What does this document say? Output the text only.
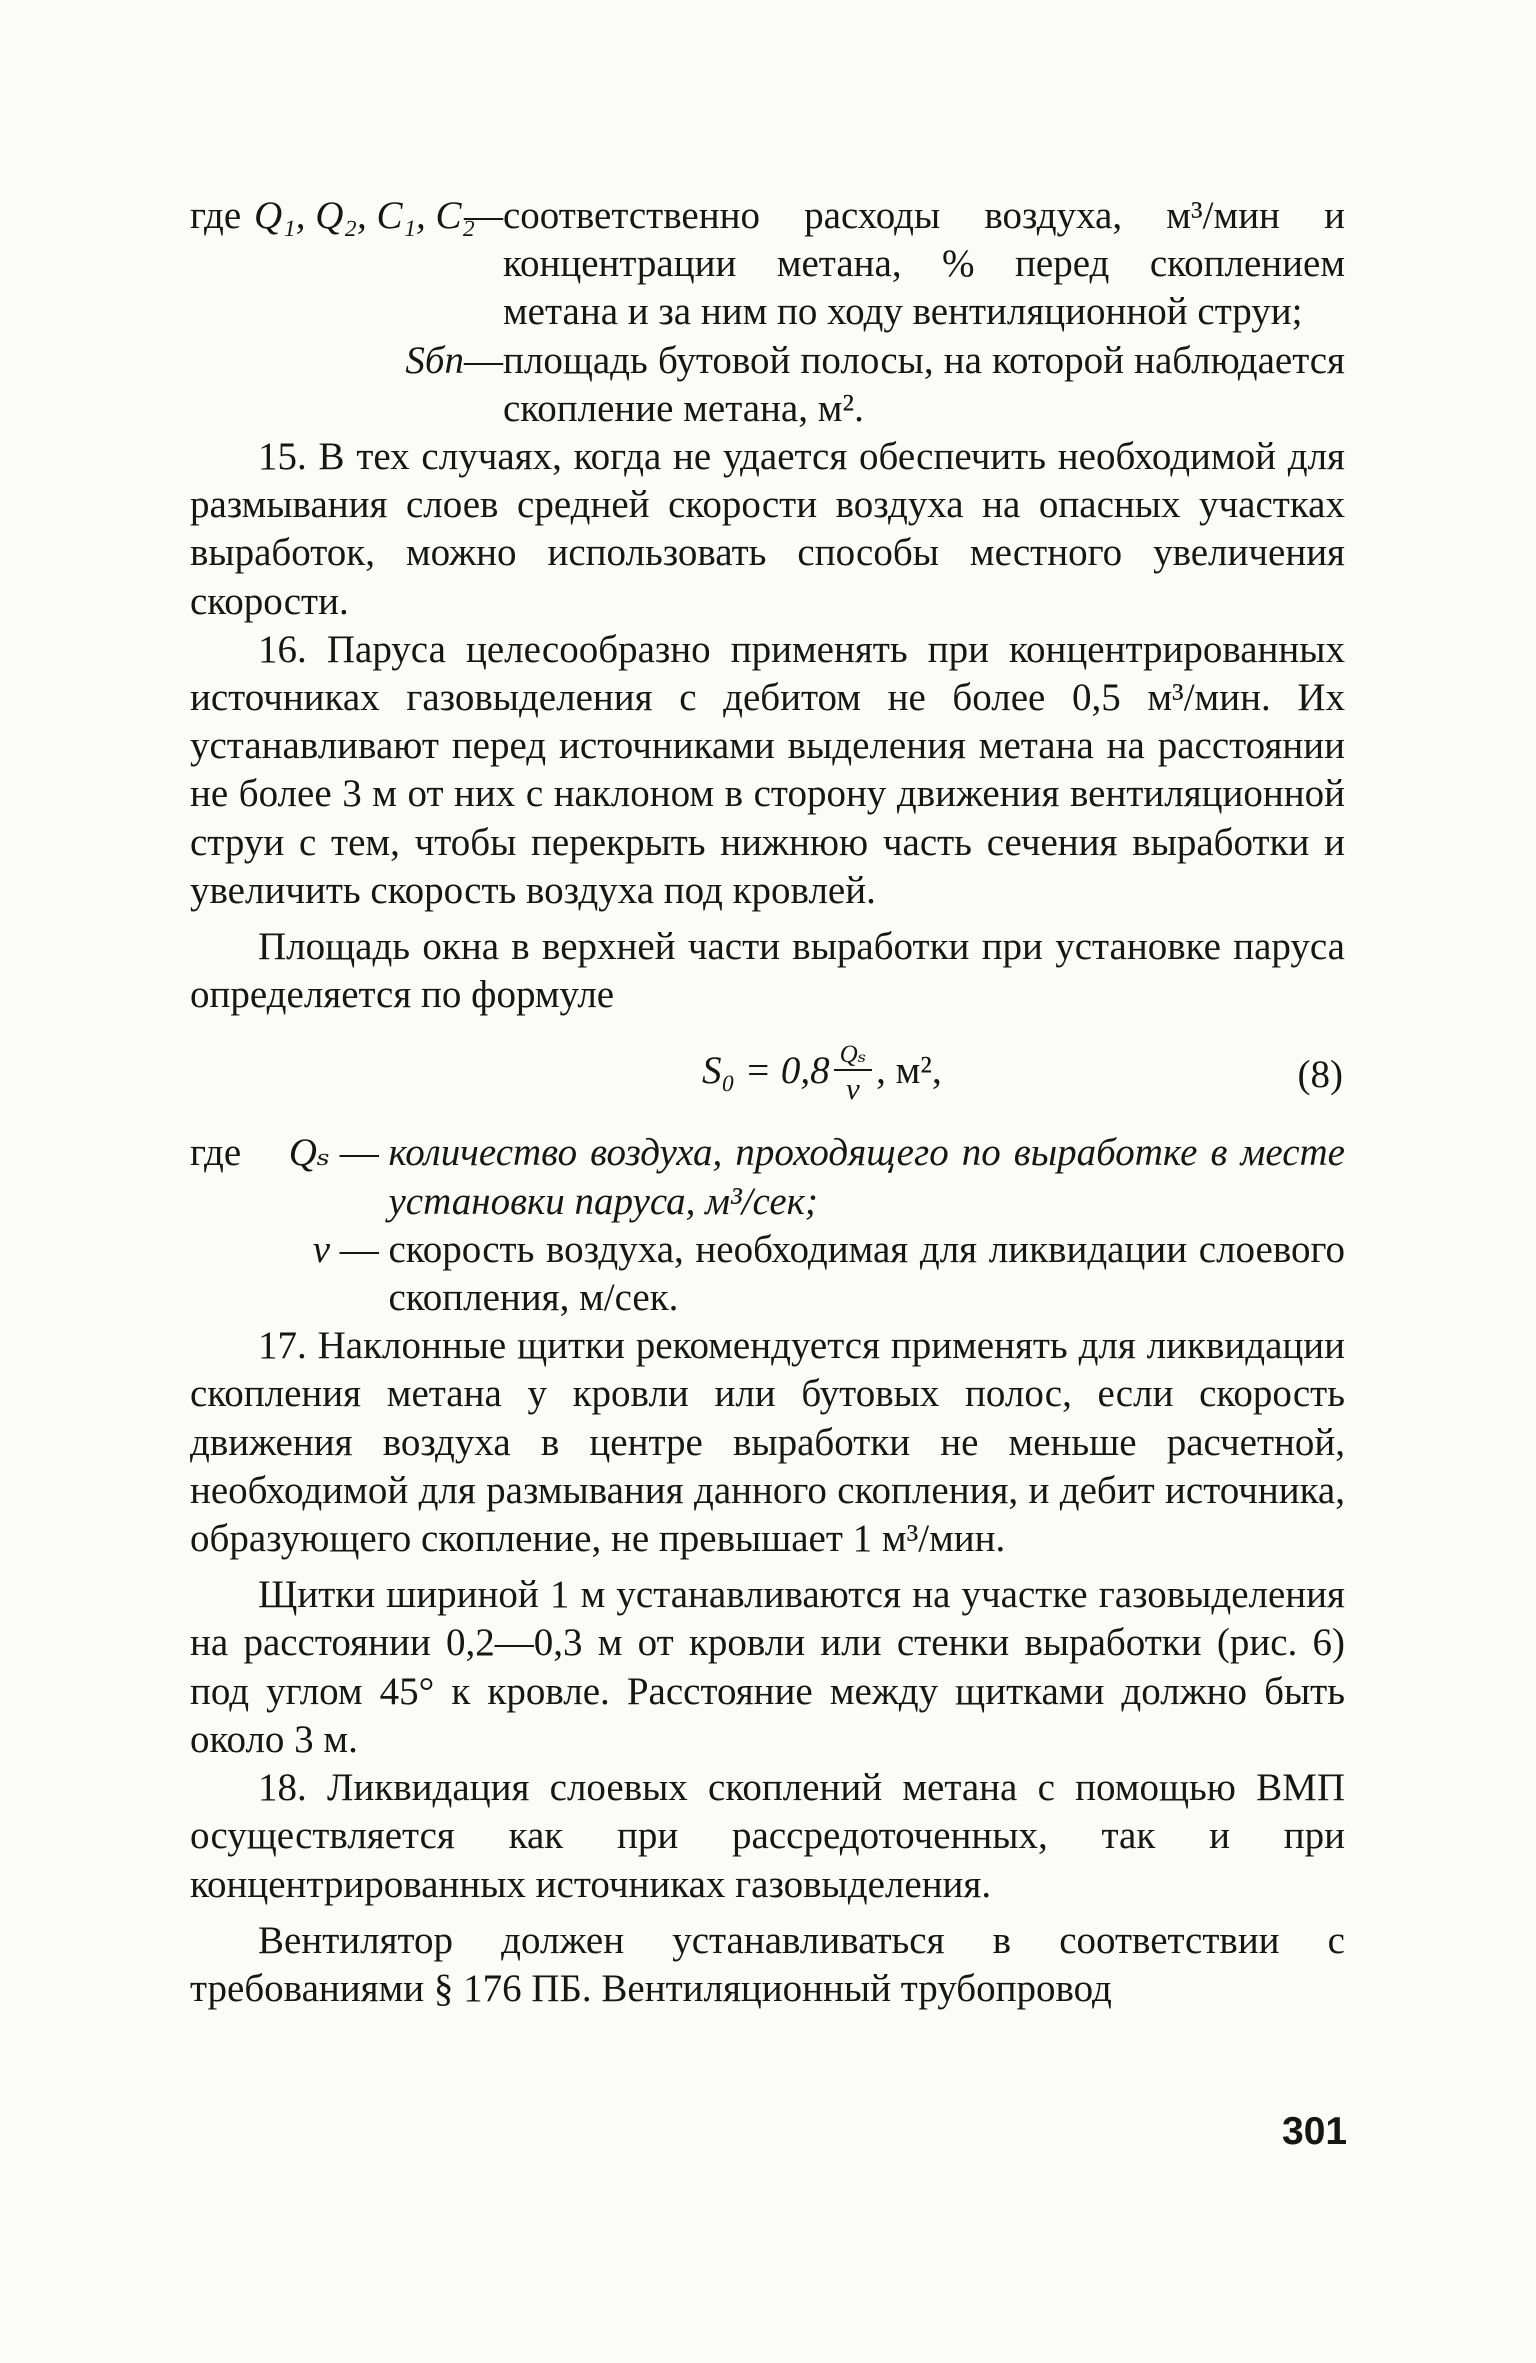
где Q₁, Q₂, C₁, C₂
— соответственно расходы воздуха, м³/мин и концентрации метана, % перед скоплением метана и за ним по ходу вентиляционной струи;
Sбп — площадь бутовой полосы, на которой наблюдается скопление метана, м².

15. В тех случаях, когда не удается обеспечить необходимой для размывания слоев средней скорости воздуха на опасных участках выработок, можно использовать способы местного увеличения скорости.

16. Паруса целесообразно применять при концентрированных источниках газовыделения с дебитом не более 0,5 м³/мин. Их устанавливают перед источниками выделения метана на расстоянии не более 3 м от них с наклоном в сторону движения вентиляционной струи с тем, чтобы перекрыть нижнюю часть сечения выработки и увеличить скорость воздуха под кровлей.

Площадь окна в верхней части выработки при установке паруса определяется по формуле

$S_0 = 0,8 \frac{\text{Qₛ}}{v}$ , м²,	(8)
где	Qₛ — количество воздуха, проходящего по выработке в месте установки паруса, м³/сек;
v — скорость воздуха, необходимая для ликвидации слоевого скопления, м/сек.

17. Наклонные щитки рекомендуется применять для ликвидации скопления метана у кровли или бутовых полос, если скорость движения воздуха в центре выработки не меньше расчетной, необходимой для размывания данного скопления, и дебит источника, образующего скопление, не превышает 1 м³/мин.

Щитки шириной 1 м устанавливаются на участке газовыделения на расстоянии 0,2—0,3 м от кровли или стенки выработки (рис. 6) под углом 45° к кровле. Расстояние между щитками должно быть около 3 м.

18. Ликвидация слоевых скоплений метана с помощью ВМП осуществляется как при рассредоточенных, так и при концентрированных источниках газовыделения.

Вентилятор должен устанавливаться в соответствии с требованиями § 176 ПБ. Вентиляционный трубопровод

301
